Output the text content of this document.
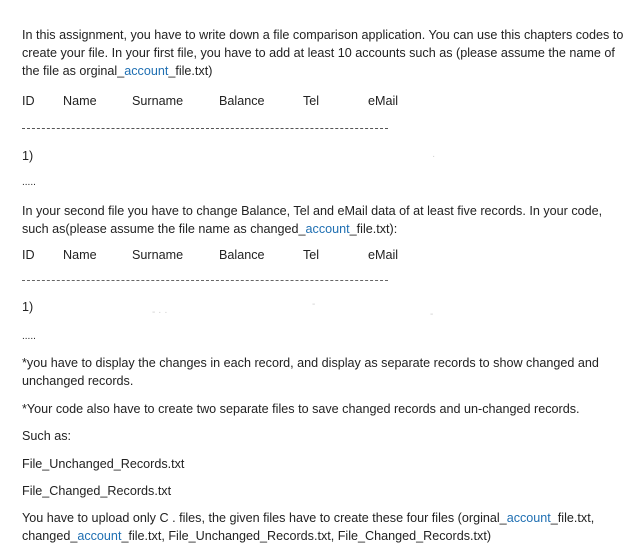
In this assignment, you have to write down a file comparison application. You can use this chapters codes to create your file. In your first file, you have to add at least 10 accounts such as (please assume the name of the file as orginal_account_file.txt)

ID Name	Surname	Balance	Tel	eMail
1)	·
.....

In your second file you have to change Balance, Tel and eMail data of at least five records. In your code, such as(please assume the file name as changed_account_file.txt):

ID Name	Surname	Balance	Tel	eMail
1)	- · ·
-
-
.....

*you have to display the changes in each record, and display as separate records to show changed and unchanged records.

*Your code also have to create two separate files to save changed records and un-changed records.

Such as:

File_Unchanged_Records.txt

File_Changed_Records.txt

You have to upload only C . files, the given files have to create these four files (orginal_account_file.txt, changed_account_file.txt, File_Unchanged_Records.txt, File_Changed_Records.txt)
